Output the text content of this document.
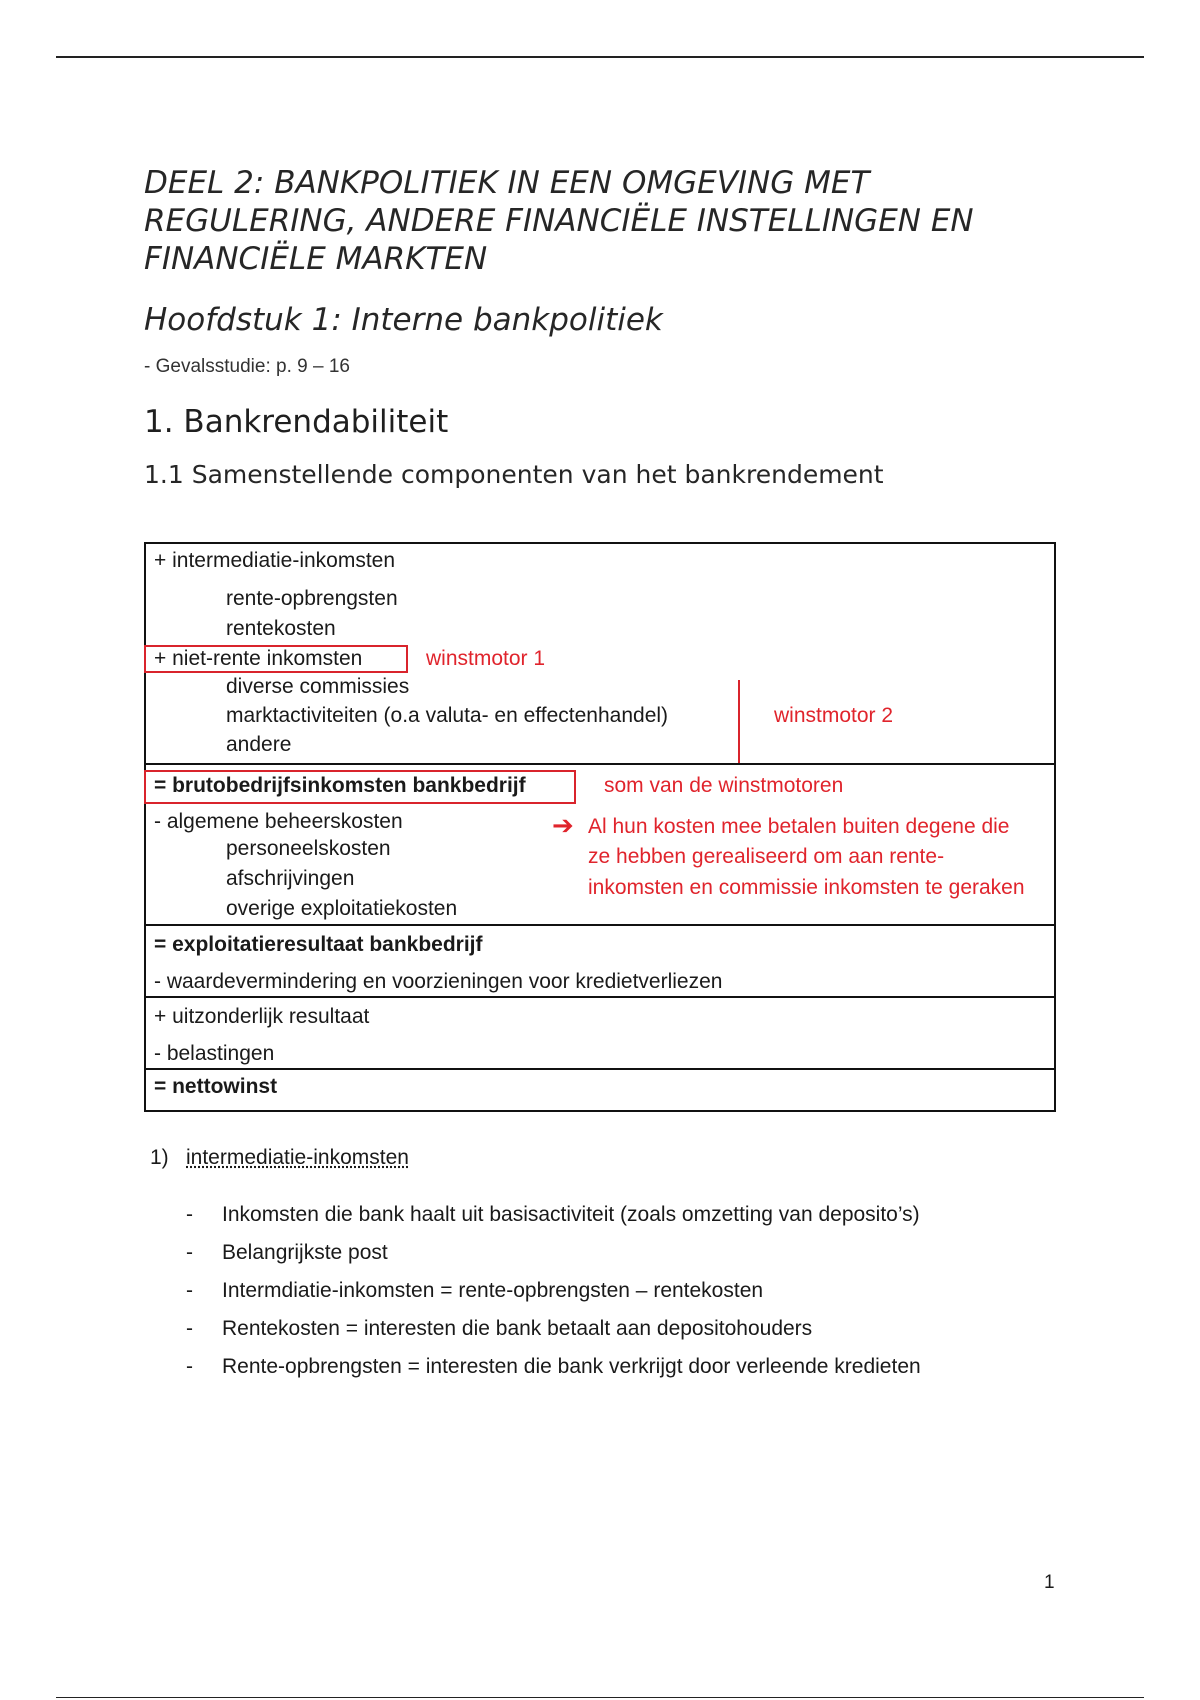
DEEL 2: BANKPOLITIEK IN EEN OMGEVING MET
REGULERING, ANDERE FINANCIËLE INSTELLINGEN EN
FINANCIËLE MARKTEN
Hoofdstuk 1: Interne bankpolitiek
- Gevalsstudie: p. 9 – 16
1. Bankrendabiliteit
1.1 Samenstellende componenten van het bankrendement
+ intermediatie-inkomsten
rente-opbrengsten
rentekosten
+ niet-rente inkomsten	winstmotor 1
diverse commissies
marktactiviteiten (o.a valuta- en effectenhandel)
andere
winstmotor 2
= brutobedrijfsinkomsten bankbedrijf	som van de winstmotoren
- algemene beheerskosten
personeelskosten
afschrijvingen
overige exploitatiekosten
➔ Al hun kosten mee betalen buiten degene die
ze hebben gerealiseerd om aan rente-
inkomsten en commissie inkomsten te geraken
= exploitatieresultaat bankbedrijf
- waardevermindering en voorzieningen voor kredietverliezen
+ uitzonderlijk resultaat
- belastingen
= nettowinst
1) intermediatie-inkomsten
- Inkomsten die bank haalt uit basisactiviteit (zoals omzetting van deposito’s)
- Belangrijkste post
- Intermdiatie-inkomsten = rente-opbrengsten – rentekosten
- Rentekosten = interesten die bank betaalt aan depositohouders
- Rente-opbrengsten = interesten die bank verkrijgt door verleende kredieten
1
